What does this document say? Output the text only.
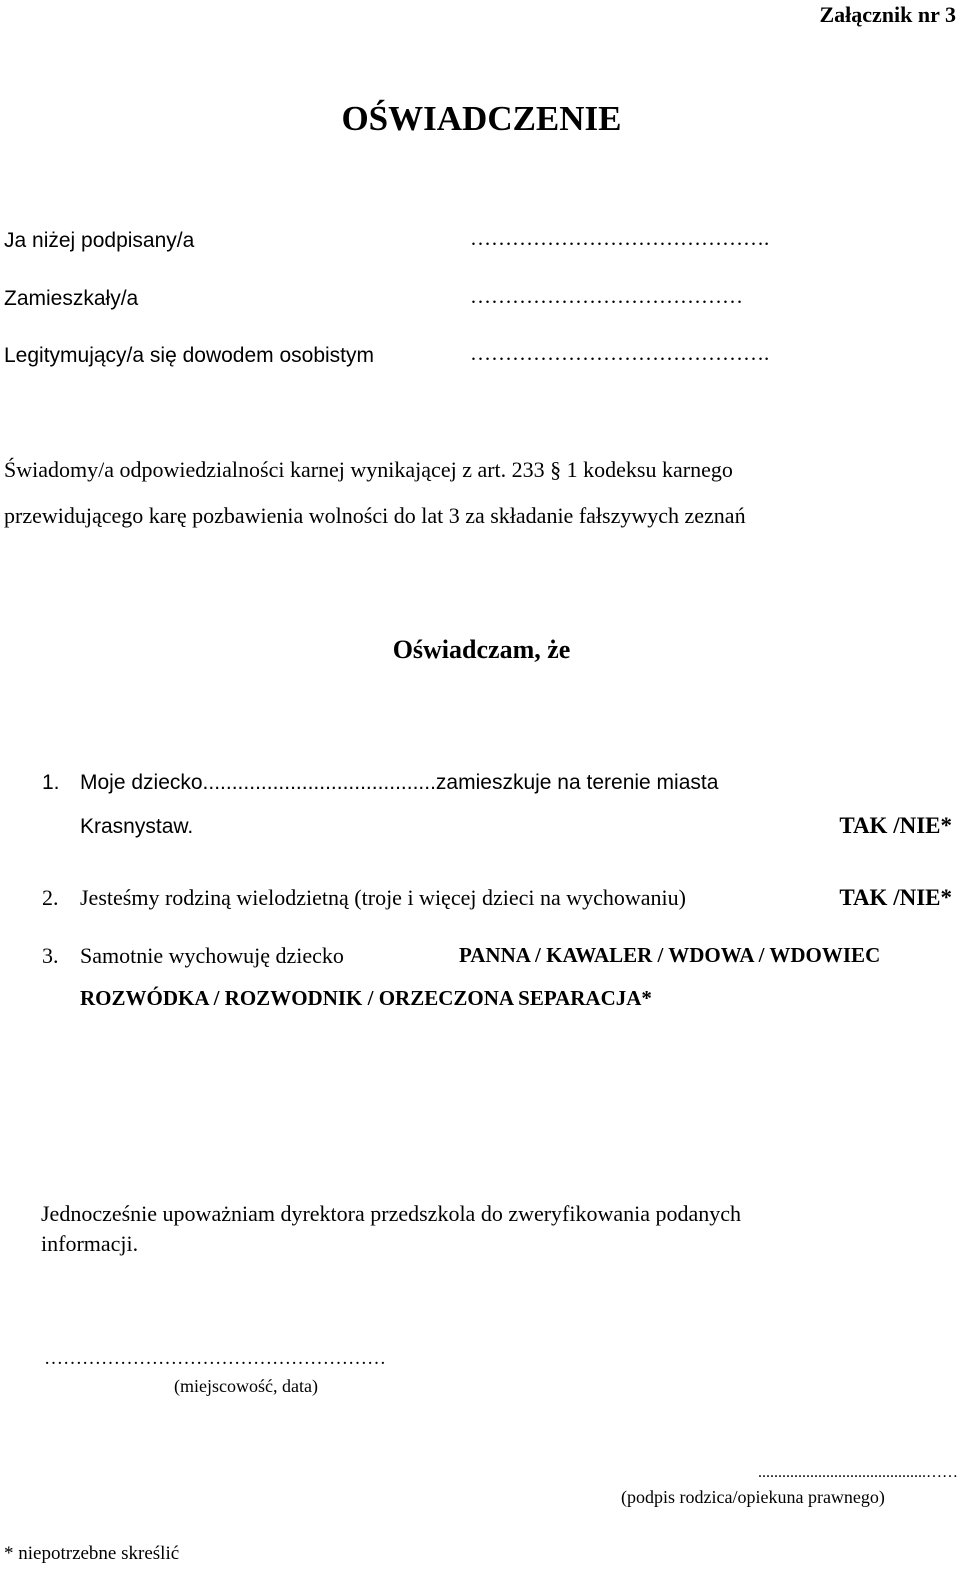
Załącznik nr 3
OŚWIADCZENIE
Ja niżej podpisany/a	…………………………………….
Zamieszkały/a	…………………………………
Legitymujący/a się dowodem osobistym	…………………………………….
Świadomy/a odpowiedzialności karnej wynikającej z art. 233 § 1 kodeksu karnego
przewidującego karę pozbawienia wolności do lat 3 za składanie fałszywych zeznań
Oświadczam, że
1. Moje dziecko........................................zamieszkuje na terenie miasta
Krasnystaw.	TAK /NIE*
2. Jesteśmy rodziną wielodzietną (troje i więcej dzieci na wychowaniu)	TAK /NIE*
3. Samotnie wychowuję dziecko	PANNA / KAWALER / WDOWA / WDOWIEC
ROZWÓDKA / ROZWODNIK / ORZECZONA SEPARACJA*
Jednocześnie upoważniam dyrektora przedszkola do zweryfikowania podanych
informacji.
………………………………………………
(miejscowość, data)
..........................................……
(podpis rodzica/opiekuna prawnego)
* niepotrzebne skreślić
